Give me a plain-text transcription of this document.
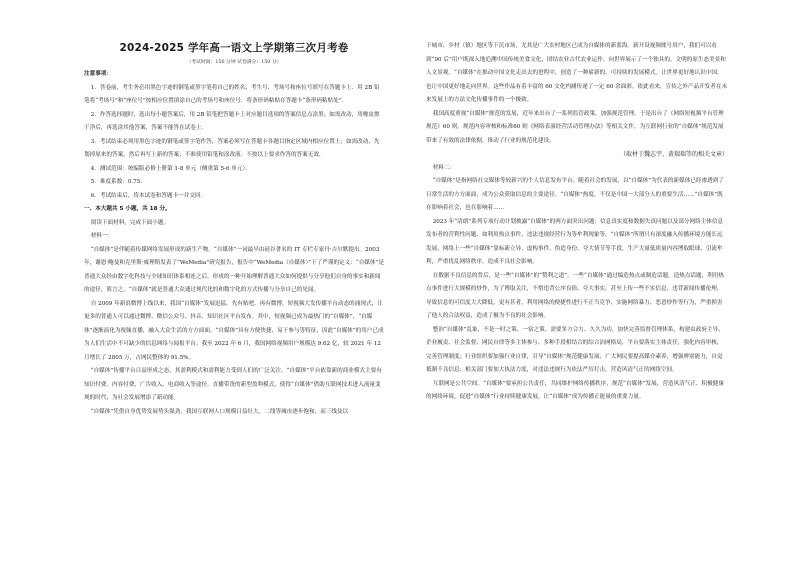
2024-2025 学年高一语文上学期第三次月考卷
（考试时间：150 分钟 试卷满分：150 分）

注意事项：

1．答卷前，考生务必用黑色字迹的钢笔或签字笔将自己的姓名、考生号、考场号和座位号填写在答题卡上．用 2B 铅笔将“考场号”和“座位号”按相应位置填涂自己的考场号和座位号．将条形码粘贴在答题卡“条形码粘贴处”．

2．作答选择题时，选出每小题答案后，用 2B 铅笔把答题卡上对应题目选项的答案信息点涂黑；如需改动，用橡皮擦干净后，再选涂其他答案，答案不能答在试卷上．

3．考试结束必须用黑色字迹的钢笔或签字笔作答，答案必须写在答题卡各题目指定区域内相应位置上；如需改动，先划掉原来的答案，然后再写上新的答案；不准使用铅笔和涂改液．不按以上要求作答的答案无效．

4．测试范围：统编版必修上册第 1-8 单元（侧重第 5-6 单元）．

5．难度系数：0.75．

6．考试结束后，将本试卷和答题卡一并交回．

一、本大题共 5 小题，共 18 分。

阅读下面材料，完成下面小题。

材料一：

“自媒体”是伴随着传媒网络发展形成的新生产物。“自媒体”一词最早由硅谷著名的 IT 专栏专家丹·吉尔默提出。2003 年，谢恩·鲍曼和克里斯·威理斯发表了“WeMedia”研究报告，报告中“WeMedia（自媒体）”下了严谨的定义：“自媒体”是普通大众经由数字化科技与全球知识体系相连之后，形成的一种开始理解普通大众如何提供与分享他们自身的事实和新闻的途径。简言之，“自媒体”就是普通大众通过现代化的和数字化的方式传播与分享自己的见闻。

自 2009 年新浪微博上线以来，我国“自媒体”发展迅猛，先有贴吧、再有微博，短视频大发传播平台动态的涌现式，让更多的普通人可以通过微博、微信公众号、抖音、知识社区平台发布。其中，短视频已成为最热门的“自媒体”，“自媒体”逐渐演化为视频直播，融入大众生活的方方面面。“自媒体”具有方便快捷、易于参与等特征，因此“自媒体”的用户已成为人们生活中不可缺少的信息网络与闻报平台。我至 2022 年 6 月，我国网络视频用户规模达 9.62 亿，较 2021 年 12 月增长了 2805 万，占网民整体的 91.5%。

“自媒体”传播平台日益形成之态，其盈利模式和盈利能力受到人们的广泛关注。“自媒体”平台依靠新的商业模式主要有知识付费、内容付费、广告收入、电商收入等途径。直播带货的新型盈利模式，使得“自媒体”借助互联网技术进入流量变现的时代，为社会发展增添了新动能。

“自媒体”凭借自身优势发展势头强劲，我国互联网人口规模日益壮大。二线等城市逐步饱和，而三线及以

下城市、乡村（镇）地区等下沉市场，尤其是广大农村地区已成为自媒体的新蓝海。新开设视频账号用户，我们可以看到“90 后”用户既深入地追溯中国传统美食文化，团结农业古代农业运作、向世界展示了一个独具的、文明的原生态美景和人文景观。“自媒体”在推动中国文化走出去的进程中，创造了一种崭新的、可持续的发展模式。让世界更好地认识中国，也让中国更好地走向世界。这些作品有着丰富的 60 文化内涵传递了一定 60 余面彩。依此看来，宣传之外产品开发者在未来发展上的方法文化传播事件的一个极致。

我国高度重视“自媒体”规范的发展，近年来出台了一系列监管政策，加强规范管理。于是出台了《网络短视频平台管理规范》60 则，规范内容审核和标准60 则《网络表演经营活动管理办法》等相关文件，为互联网行业的“自媒体”规范发展带来了有效的法律依据，推动了行业的规范化建设。

（取材于魏志宇、黄瑞瑞等的相关文章）

材料二：

“自媒体”是指网络社交媒体等较新兴的个人信息发布平台。随着社会的发展，以“自媒体”为代表的新媒体已经渗透到了日常生活的方方面面，成为公众获取信息的主要途径。“自媒体”热度，不仅是中国一大部分人的重要生活……“自媒体”既在影响着社会，也在影响着……

2023 年“清朗”系列专项行动计划披露“自媒体”的两方面突出问题：信息真实度和数据失真问题以及部分网络主体信息发布者的营利性问题，如利用热点事件、违法违规经营行为等牟利现象等。“自媒体”所谓只有深度融入传播环境方能长远发展，网络上一些“自媒体”靠标新立异、虚构事件、伪造身份、夸大情节等手段，生产大量低质量内容博取眼球、引流牟利，严重扰乱网络秩序，造成不良社会影响。

在数据不良信息的背后，是一些“自媒体”的“赞利之道”。一些“自媒体”通过编造热点或制造话题，造热点话题，利用热点事件进行大规模的炒作，为了博取关注，不惜违背公序良俗、夸大事实，甚至上传一些不实信息，违背新闻传播伦理，导致信息的可信度大大降低。更有甚者，利用网络的便捷性进行不正当竞争，实施网络暴力、恶意炒作等行为，严重损害了他人的合法权益，造成了极为不良的社会影响。

整治“自媒体”乱象，不是一时之策、一宿之策。需要多方合力、久久为功，加快完善监督管理体系，构建由政府主导、企业履责、社会监督、网民自律等多主体参与、多种手段相结合的综合治网格局，平台要落实主体责任，强化内容审核，完善管理制度；行业组织要加强行业自律，引导“自媒体”规范健康发展；广大网民要提高媒介素养，增强辨别能力，自觉抵制不良信息；相关部门要加大执法力度，对违法违规行为依法严厉打击，营造风清气正的网络空间。

互联网是公共空间。“自媒体”要承担公共责任，共同维护网络传播秩序，规范“自媒体”发展，营造风清气正、积极健康的网络环境，促进“自媒体”行业持续健康发展，让“自媒体”成为传播正能量的重要力量。
